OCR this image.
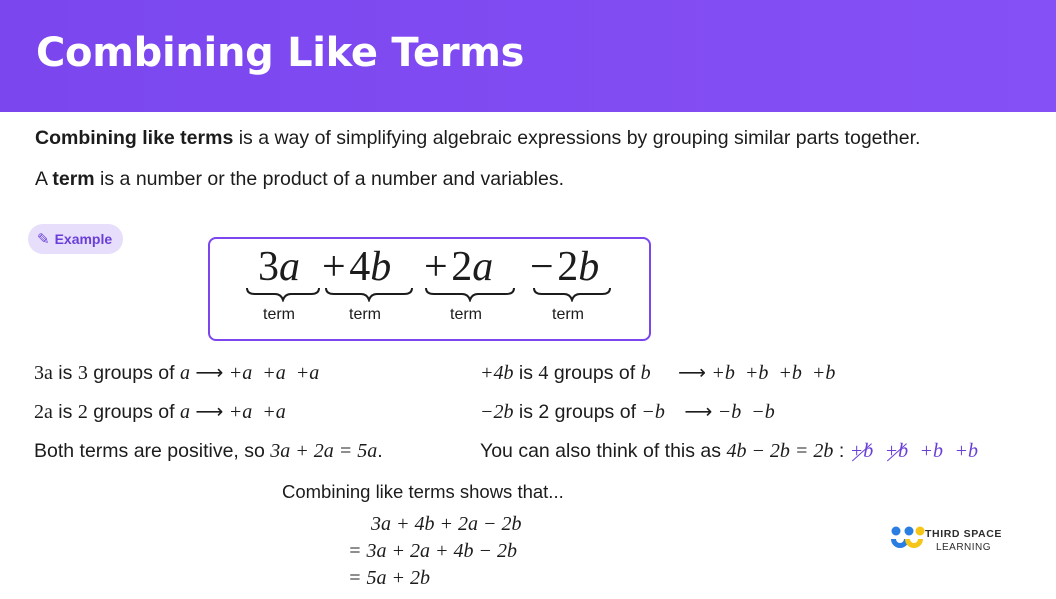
Combining Like Terms
Combining like terms is a way of simplifying algebraic expressions by grouping similar parts together.
A term is a number or the product of a number and variables.
✎ Example
3a + 4b + 2a − 2b
term	term	term	term
3a is 3 groups of a ⟶ +a  +a  +a
2a is 2 groups of a ⟶ +a  +a
Both terms are positive, so 3a + 2a = 5a.
+4b is 4 groups of b ⟶ +b  +b  +b  +b
−2b is 2 groups of −b ⟶ −b  −b
You can also think of this as 4b − 2b = 2b : +b +b +b +b
Combining like terms shows that...
3a + 4b + 2a − 2b
= 3a + 2a + 4b − 2b
= 5a + 2b
THIRD SPACE
LEARNING
